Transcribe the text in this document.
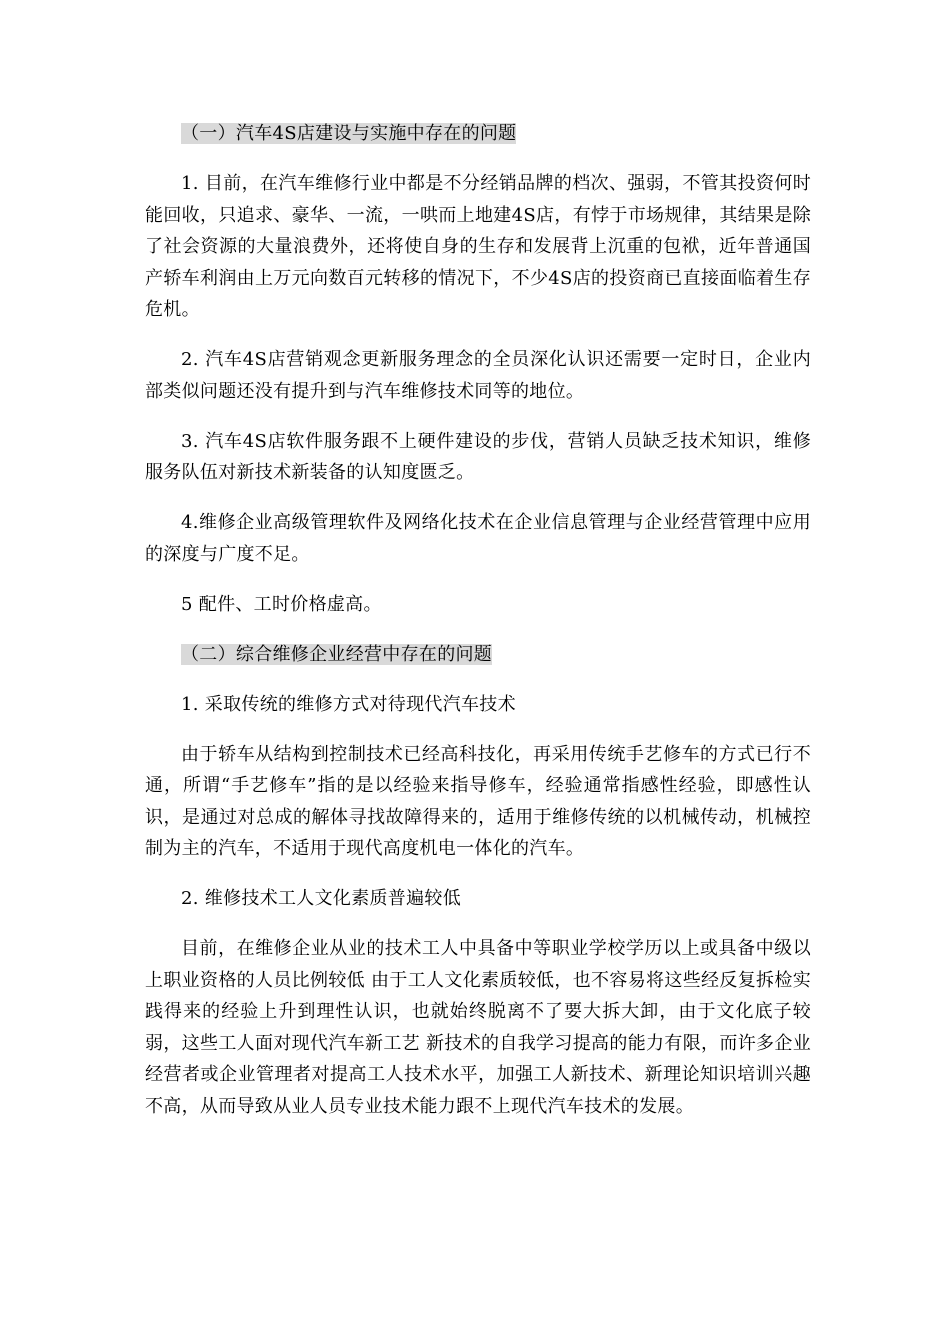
（一）汽车4S店建设与实施中存在的问题

1. 目前，在汽车维修行业中都是不分经销品牌的档次、强弱，不管其投资何时能回收，只追求、豪华、一流，一哄而上地建4S店，有悖于市场规律，其结果是除了社会资源的大量浪费外，还将使自身的生存和发展背上沉重的包袱，近年普通国产轿车利润由上万元向数百元转移的情况下，不少4S店的投资商已直接面临着生存危机。

2. 汽车4S店营销观念更新服务理念的全员深化认识还需要一定时日，企业内部类似问题还没有提升到与汽车维修技术同等的地位。

3. 汽车4S店软件服务跟不上硬件建设的步伐，营销人员缺乏技术知识，维修服务队伍对新技术新装备的认知度匮乏。

4.维修企业高级管理软件及网络化技术在企业信息管理与企业经营管理中应用的深度与广度不足。

5 配件、工时价格虚高。

（二）综合维修企业经营中存在的问题

1. 采取传统的维修方式对待现代汽车技术

由于轿车从结构到控制技术已经高科技化，再采用传统手艺修车的方式已行不通，所谓“手艺修车”指的是以经验来指导修车，经验通常指感性经验，即感性认识，是通过对总成的解体寻找故障得来的，适用于维修传统的以机械传动，机械控制为主的汽车，不适用于现代高度机电一体化的汽车。

2. 维修技术工人文化素质普遍较低

目前，在维修企业从业的技术工人中具备中等职业学校学历以上或具备中级以上职业资格的人员比例较低 由于工人文化素质较低，也不容易将这些经反复拆检实践得来的经验上升到理性认识，也就始终脱离不了要大拆大卸，由于文化底子较弱，这些工人面对现代汽车新工艺 新技术的自我学习提高的能力有限，而许多企业经营者或企业管理者对提高工人技术水平，加强工人新技术、新理论知识培训兴趣不高，从而导致从业人员专业技术能力跟不上现代汽车技术的发展。
